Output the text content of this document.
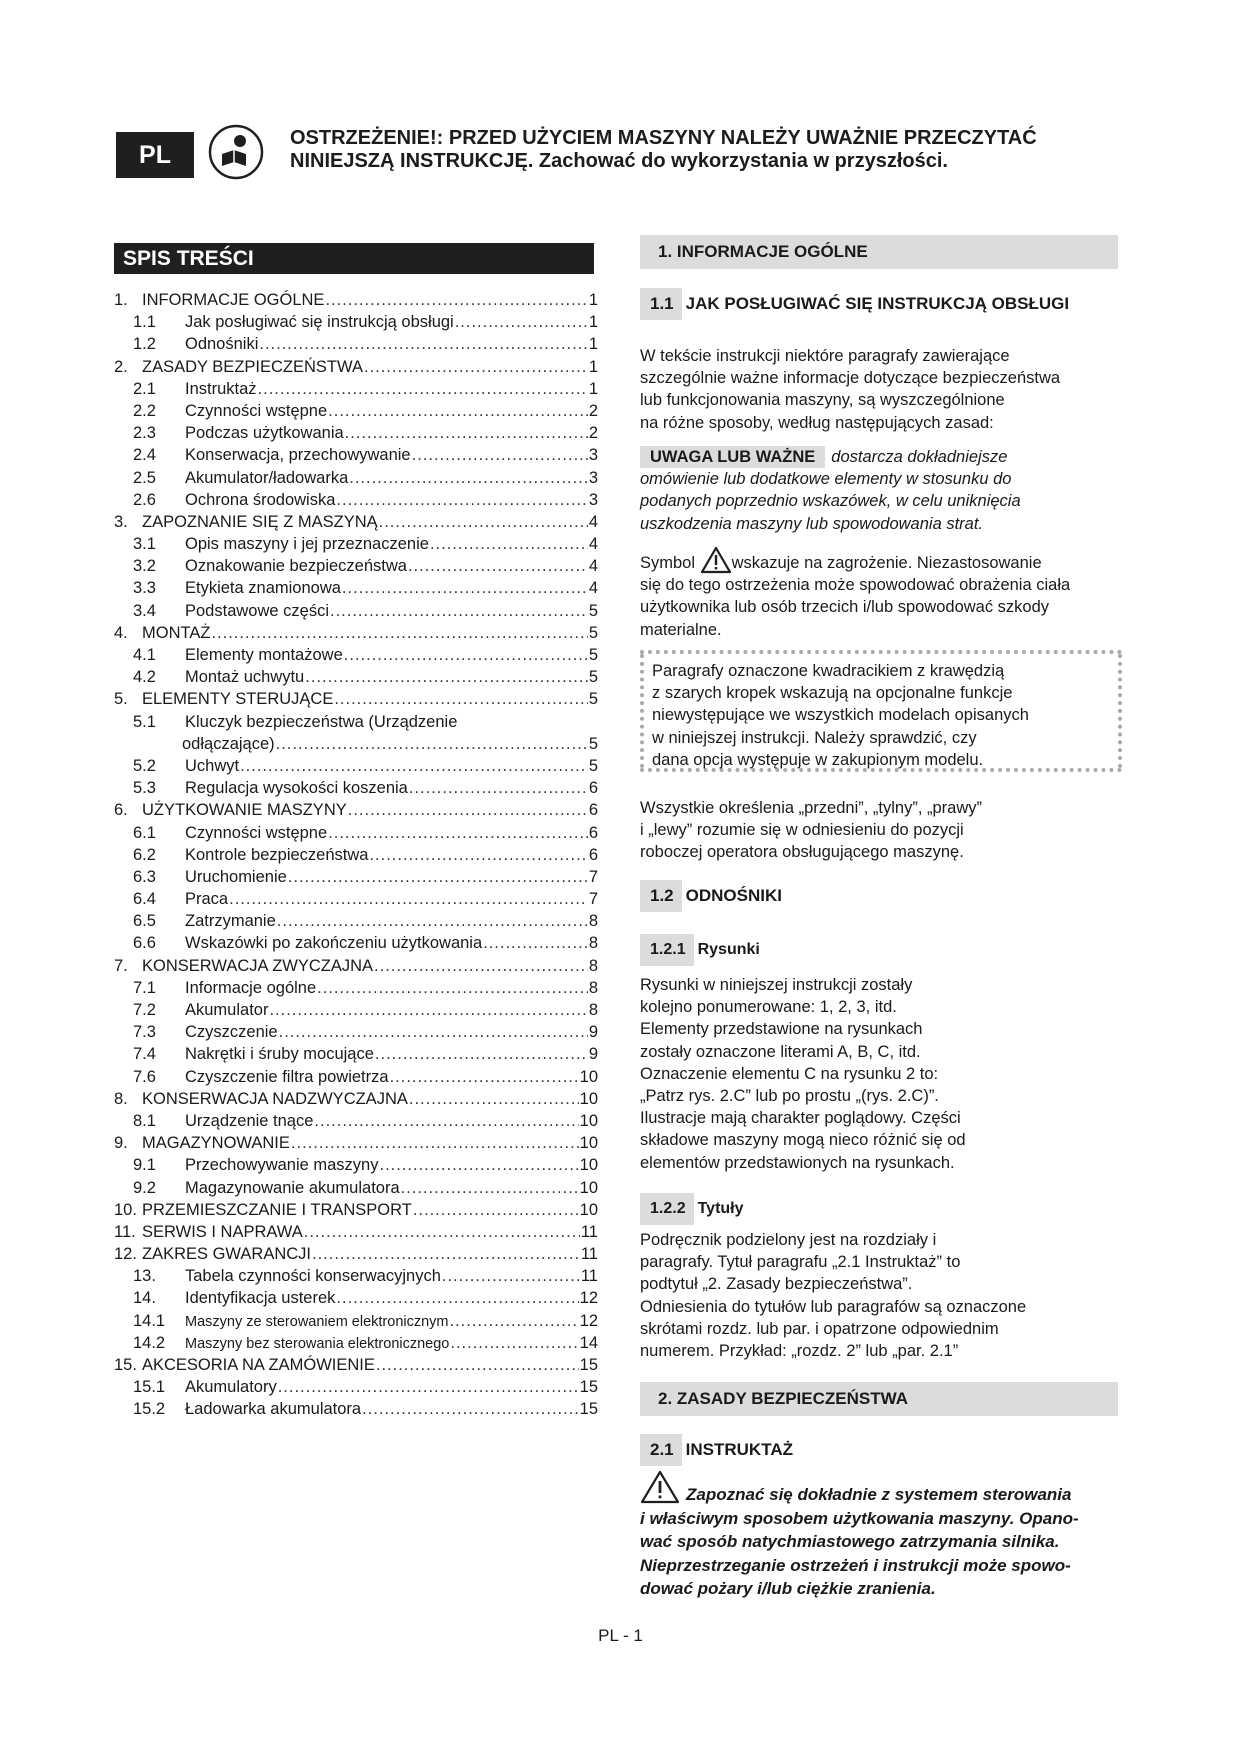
PL
OSTRZEŻENIE!: PRZED UŻYCIEM MASZYNY NALEŻY UWAŻNIE PRZECZYTAĆ
NINIEJSZĄ INSTRUKCJĘ. Zachować do wykorzystania w przyszłości.
SPIS TREŚCI
1. INFORMACJE OGÓLNE .....	1
1.1	Jak posługiwać się instrukcją obsługi .....	1
1.2	Odnośniki .....	1
2. ZASADY BEZPIECZEŃSTWA .....	1
2.1	Instruktaż .....	1
2.2	Czynności wstępne .....	2
2.3	Podczas użytkowania .....	2
2.4	Konserwacja, przechowywanie .....	3
2.5	Akumulator/ładowarka .....	3
2.6	Ochrona środowiska .....	3
3. ZAPOZNANIE SIĘ Z MASZYNĄ .....	4
3.1	Opis maszyny i jej przeznaczenie .....	4
3.2	Oznakowanie bezpieczeństwa .....	4
3.3	Etykieta znamionowa .....	4
3.4	Podstawowe części .....	5
4. MONTAŻ .....	5
4.1	Elementy montażowe .....	5
4.2	Montaż uchwytu .....	5
5. ELEMENTY STERUJĄCE .....	5
5.1	Kluczyk bezpieczeństwa (Urządzenie
odłączające) .....	5
5.2	Uchwyt .....	5
5.3	Regulacja wysokości koszenia .....	6
6. UŻYTKOWANIE MASZYNY .....	6
6.1	Czynności wstępne .....	6
6.2	Kontrole bezpieczeństwa .....	6
6.3	Uruchomienie .....	7
6.4	Praca .....	7
6.5	Zatrzymanie .....	8
6.6	Wskazówki po zakończeniu użytkowania .....	8
7. KONSERWACJA ZWYCZAJNA .....	8
7.1	Informacje ogólne .....	8
7.2	Akumulator .....	8
7.3	Czyszczenie .....	9
7.4	Nakrętki i śruby mocujące .....	9
7.6	Czyszczenie filtra powietrza .....	10
8. KONSERWACJA NADZWYCZAJNA .....	10
8.1	Urządzenie tnące .....	10
9. MAGAZYNOWANIE .....	10
9.1	Przechowywanie maszyny .....	10
9.2	Magazynowanie akumulatora .....	10
10. PRZEMIESZCZANIE I TRANSPORT .....	10
11. SERWIS I NAPRAWA .....	11
12. ZAKRES GWARANCJI .....	11
13.	Tabela czynności konserwacyjnych .....	11
14.	Identyfikacja usterek .....	12
14.1	Maszyny ze sterowaniem elektronicznym .....	12
14.2	Maszyny bez sterowania elektronicznego .....	14
15. AKCESORIA NA ZAMÓWIENIE .....	15
15.1	Akumulatory .....	15
15.2	Ładowarka akumulatora .....	15
1. INFORMACJE OGÓLNE
1.1 JAK POSŁUGIWAĆ SIĘ INSTRUKCJĄ OBSŁUGI
W tekście instrukcji niektóre paragrafy zawierające
szczególnie ważne informacje dotyczące bezpieczeństwa
lub funkcjonowania maszyny, są wyszczególnione
na różne sposoby, według następujących zasad:

UWAGA LUB WAŻNE dostarcza dokładniejsze

omówienie lub dodatkowe elementy w stosunku do
podanych poprzednio wskazówek, w celu uniknięcia
uszkodzenia maszyny lub spowodowania strat.

Symbol wskazuje na zagrożenie. Niezastosowanie

się do tego ostrzeżenia może spowodować obrażenia ciała
użytkownika lub osób trzecich i/lub spowodować szkody
materialne.
Paragrafy oznaczone kwadracikiem z krawędzią
z szarych kropek wskazują na opcjonalne funkcje
niewystępujące we wszystkich modelach opisanych
w niniejszej instrukcji. Należy sprawdzić, czy
dana opcja występuje w zakupionym modelu.
Wszystkie określenia „przedni”, „tylny”, „prawy”
i „lewy” rozumie się w odniesieniu do pozycji
roboczej operatora obsługującego maszynę.
1.2 ODNOŚNIKI
1.2.1 Rysunki
Rysunki w niniejszej instrukcji zostały
kolejno ponumerowane: 1, 2, 3, itd.
Elementy przedstawione na rysunkach
zostały oznaczone literami A, B, C, itd.
Oznaczenie elementu C na rysunku 2 to:
„Patrz rys. 2.C” lub po prostu „(rys. 2.C)”.
Ilustracje mają charakter poglądowy. Części
składowe maszyny mogą nieco różnić się od
elementów przedstawionych na rysunkach.
1.2.2 Tytuły
Podręcznik podzielony jest na rozdziały i
paragrafy. Tytuł paragrafu „2.1 Instruktaż” to
podtytuł „2. Zasady bezpieczeństwa”.
Odniesienia do tytułów lub paragrafów są oznaczone
skrótami rozdz. lub par. i opatrzone odpowiednim
numerem. Przykład: „rozdz. 2” lub „par. 2.1”
2. ZASADY BEZPIECZEŃSTWA
2.1 INSTRUKTAŻ
Zapoznać się dokładnie z systemem sterowania
i właściwym sposobem użytkowania maszyny. Opano-
wać sposób natychmiastowego zatrzymania silnika.
Nieprzestrzeganie ostrzeżeń i instrukcji może spowo-
dować pożary i/lub ciężkie zranienia.
PL - 1
